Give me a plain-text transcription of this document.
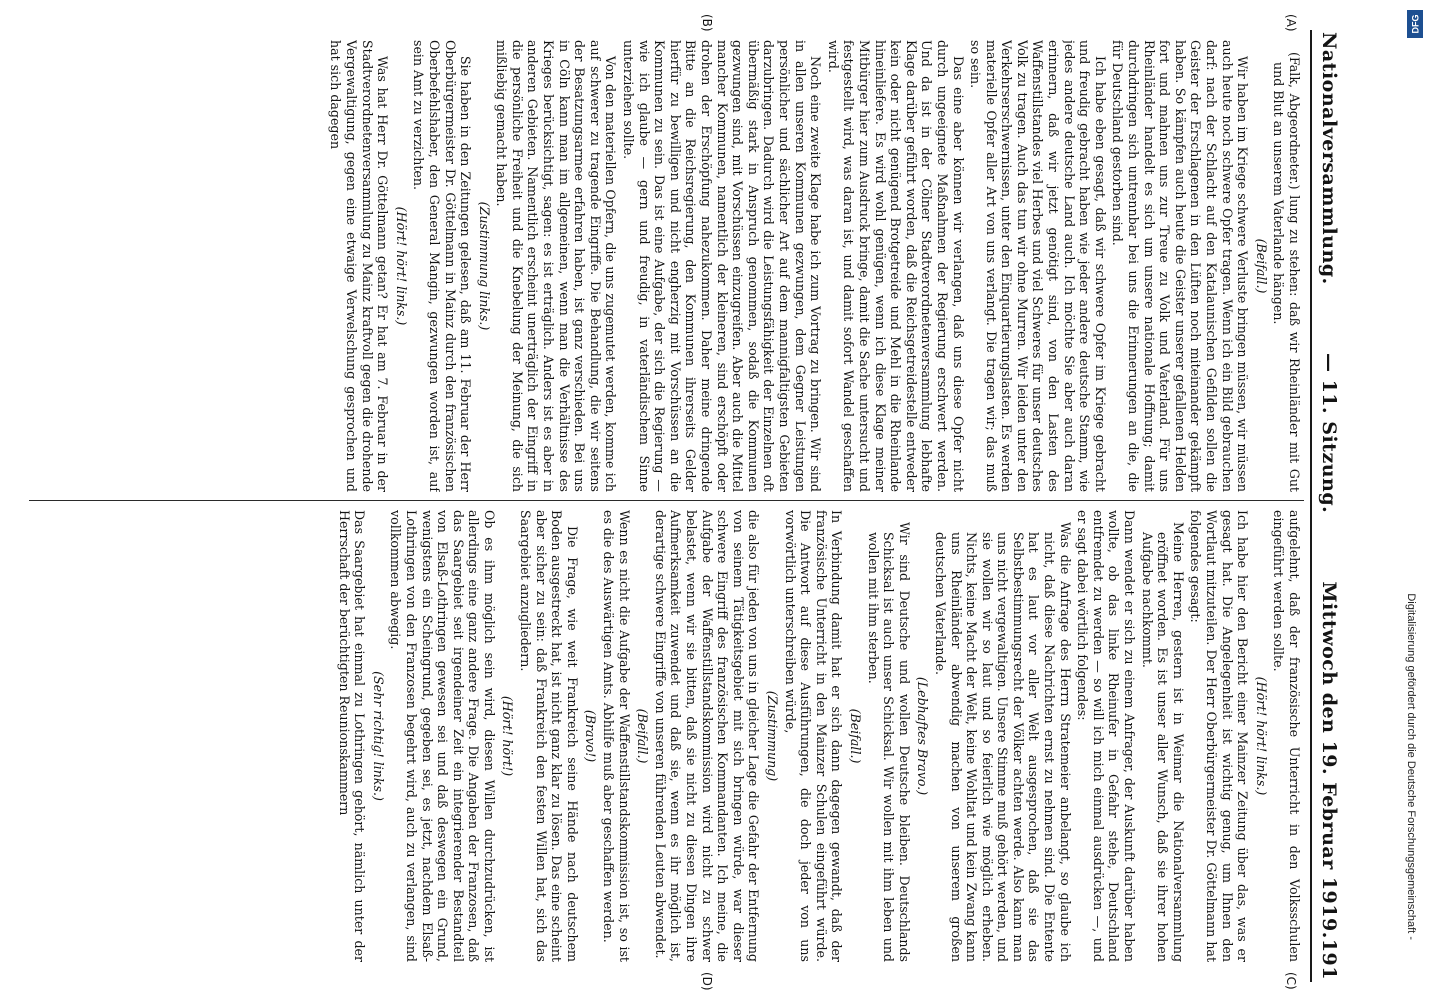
Nationalversammlung.
— 11. Sitzung.
Mittwoch den 19. Februar 1919.
191
(A)
(B)
(C)
(D)

(Falk, Abgeordneter.) lung zu stehen: daß wir Rheinländer mit Gut und Blut an unserem Vaterlande hängen.

(Beifall.)

Wir haben im Kriege schwere Verluste bringen müssen, wir müssen auch heute noch schwere Opfer tragen. Wenn ich ein Bild gebrauchen darf: nach der Schlacht auf den Katalaunischen Gefilden sollen die Geister der Erschlagenen in den Lüften noch miteinander gekämpft haben. So kämpfen auch heute die Geister unserer gefallenen Helden fort und mahnen uns zur Treue zu Volk und Vaterland. Für uns Rheinländer handelt es sich um unsere nationale Hoffnung; damit durchdringen sich untrennbar bei uns die Erinnerungen an die, die für Deutschland gestorben sind.

Ich habe eben gesagt, daß wir schwere Opfer im Kriege gebracht und freudig gebracht haben wie jeder andere deutsche Stamm, wie jedes andere deutsche Land auch. Ich möchte Sie aber auch daran erinnern, daß wir jetzt genötigt sind, von den Lasten des Waffenstillstandes viel Herbes und viel Schweres für unser deutsches Volk zu tragen. Auch das tun wir ohne Murren. Wir leiden unter den Verkehrserschwernissen, unter den Einquartierungslasten. Es werden materielle Opfer aller Art von uns verlangt. Die tragen wir; das muß so sein.

Das eine aber können wir verlangen, daß uns diese Opfer nicht durch ungeeignete Maßnahmen der Regierung erschwert werden. Und da ist in der Cölner Stadtverordnetenversammlung lebhafte Klage darüber geführt worden, daß die Reichsgetreidestelle entweder kein oder nicht genügend Brotgetreide und Mehl in die Rheinlande hineinliefere. Es wird wohl genügen, wenn ich diese Klage meiner Mitbürger hier zum Ausdruck bringe, damit die Sache untersucht und festgestellt wird, was daran ist, und damit sofort Wandel geschaffen wird.

Noch eine zweite Klage habe ich zum Vortrag zu bringen. Wir sind in allen unseren Kommunen gezwungen, dem Gegner Leistungen persönlicher und sächlicher Art auf dem mannigfaltigsten Gebieten darzubringen. Dadurch wird die Leistungsfähigkeit der Einzelnen oft übermäßig stark in Anspruch genommen, sodaß die Kommunen gezwungen sind, mit Vorschüssen einzugreifen. Aber auch die Mittel mancher Kommunen, namentlich der kleineren, sind erschöpft oder drohen der Erschöpfung nahezukommen. Daher meine dringende Bitte an die Reichsregierung, den Kommunen ihrerseits Gelder hierfür zu bewilligen und nicht engherzig mit Vorschüssen an die Kommunen zu sein. Das ist eine Aufgabe, der sich die Regierung — wie ich glaube — gern und freudig, in vaterländischem Sinne unterziehen sollte.

Von den materiellen Opfern, die uns zugemutet werden, komme ich auf schwerer zu tragende Eingriffe. Die Behandlung, die wir seitens der Besatzungsarmee erfahren haben, ist ganz verschieden. Bei uns in Cöln kann man im allgemeinen, wenn man die Verhältnisse des Krieges berücksichtigt, sagen: es ist erträglich. Anders ist es aber in anderen Gebieten. Namentlich erscheint unerträglich der Eingriff in die persönliche Freiheit und die Knebelung der Meinung, die sich mißliebig gemacht haben.

(Zustimmung links.)

Sie haben in den Zeitungen gelesen, daß am 11. Februar der Herr Oberbürgermeister Dr. Göttelmann in Mainz durch den französischen Oberbefehlshaber, den General Mangin, gezwungen worden ist, auf sein Amt zu verzichten.

(Hört! hört! links.)

Was hat Herr Dr. Göttelmann getan? Er hat am 7. Februar in der Stadtverordnetenversammlung zu Mainz kraftvoll gegen die drohende Vergewaltigung, gegen eine etwaige Verwelschung gesprochen und hat sich dagegen

aufgelehnt, daß der französische Unterricht in den Volksschulen eingeführt werden sollte.

(Hört! hört! links.)

Ich habe hier den Bericht einer Mainzer Zeitung über das, was er gesagt hat. Die Angelegenheit ist wichtig genug, um Ihnen den Wortlaut mitzuteilen. Der Herr Oberbürgermeister Dr. Göttelmann hat folgendes gesagt:

Meine Herren, gestern ist in Weimar die Nationalversammlung eröffnet worden. Es ist unser aller Wunsch, daß sie ihrer hohen Aufgabe nachkommt.

Dann wendet er sich zu einem Anfrager, der Auskunft darüber haben wollte, ob das linke Rheinufer in Gefahr stehe, Deutschland entfremdet zu werden — so will ich mich einmal ausdrücken —, und er sagt dabei wörtlich folgendes:

Was die Anfrage des Herrn Stratemeier anbelangt, so glaube ich nicht, daß diese Nachrichten ernst zu nehmen sind. Die Entente hat es laut vor aller Welt ausgesprochen, daß sie das Selbstbestimmungsrecht der Völker achten werde. Also kann man uns nicht vergewaltigen. Unsere Stimme muß gehört werden, und sie wollen wir so laut und so feierlich wie möglich erheben. Nichts, keine Macht der Welt, keine Wohltat und kein Zwang kann uns Rheinländer abwendig machen von unserem großen deutschen Vaterlande.

(Lebhaftes Bravo.)

Wir sind Deutsche und wollen Deutsche bleiben. Deutschlands Schicksal ist auch unser Schicksal. Wir wollen mit ihm leben und wollen mit ihm sterben.

(Beifall.)

In Verbindung damit hat er sich dann dagegen gewandt, daß der französische Unterricht in den Mainzer Schulen eingeführt würde. Die Antwort auf diese Ausführungen, die doch jeder von uns vorwörtlich unterschreiben würde,

(Zustimmung)

die also für jeden von uns in gleicher Lage die Gefahr der Entfernung von seinem Tätigkeitsgebiet mit sich bringen würde, war dieser schwere Eingriff des französischen Kommandanten. Ich meine, die Aufgabe der Waffenstillstandskommission wird nicht zu schwer belastet, wenn wir sie bitten, daß sie nicht zu diesen Dingen ihre Aufmerksamkeit zuwendet und daß sie, wenn es ihr möglich ist, derartige schwere Eingriffe von unseren führenden Leuten abwendet.

(Beifall.)

Wenn es nicht die Aufgabe der Waffenstillstandskommission ist, so ist es die des Auswärtigen Amts. Abhilfe muß aber geschaffen werden.

(Bravo!)

Die Frage, wie weit Frankreich seine Hände nach deutschem Boden ausgestreckt hat, ist nicht ganz klar zu lösen. Das eine scheint aber sicher zu sein: daß Frankreich den festen Willen hat, sich das Saargebiet anzugliedern.

(Hört! hört!)

Ob es ihm möglich sein wird, diesen Willen durchzudrücken, ist allerdings eine ganz andere Frage. Die Angaben der Franzosen, daß das Saargebiet seit irgendeiner Zeit ein integrierender Bestandteil von Elsaß-Lothringen gewesen sei und daß deswegen ein Grund, wenigstens ein Scheingrund, gegeben sei, es jetzt, nachdem Elsaß-Lothringen von den Franzosen begehrt wird, auch zu verlangen, sind vollkommen abwegig.

(Sehr richtig! links.)

Das Saargebiet hat einmal zu Lothringen gehört, nämlich unter der Herrschaft der berüchtigten Reunionskammern	Digitalisierung gefördert durch die Deutsche Forschungsgemeinschaft -
DFG
